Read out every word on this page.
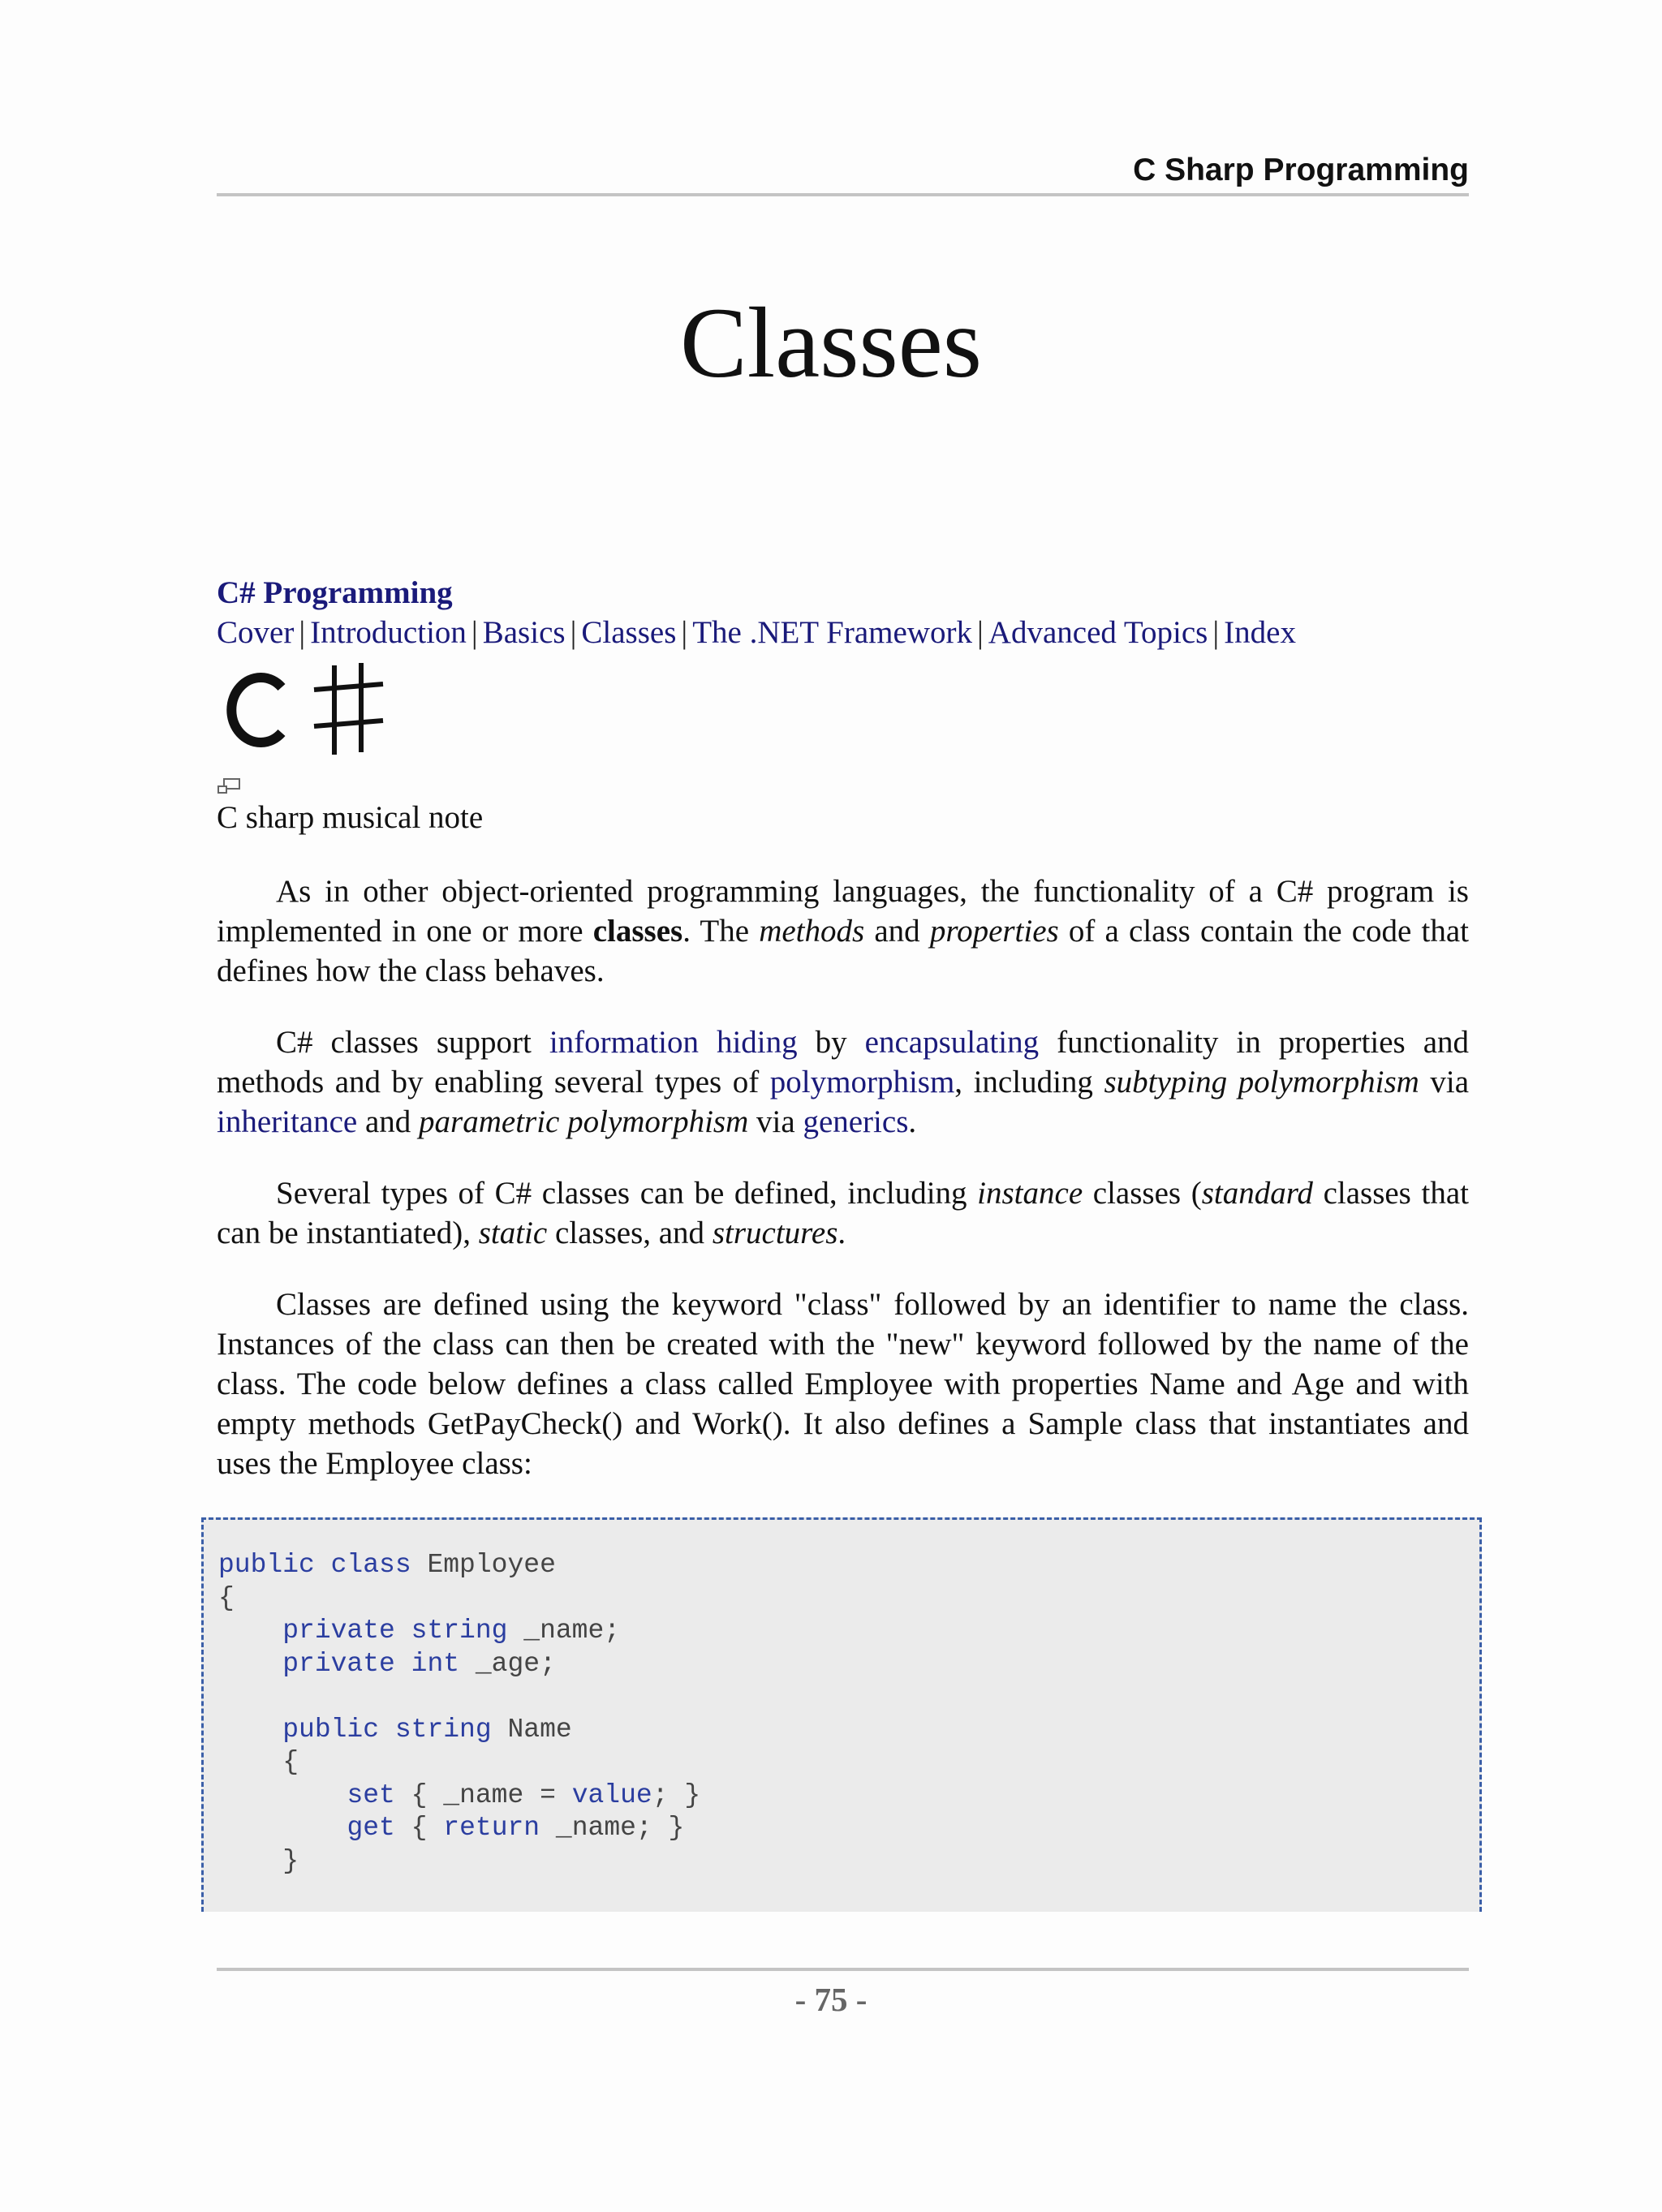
C Sharp Programming
Classes
C# Programming
Cover | Introduction | Basics | Classes | The .NET Framework | Advanced Topics | Index
C sharp musical note

As in other object-oriented programming languages, the functionality of a C# program is implemented in one or more classes. The methods and properties of a class contain the code that defines how the class behaves.

C# classes support information hiding by encapsulating functionality in properties and methods and by enabling several types of polymorphism, including subtyping polymorphism via inheritance and parametric polymorphism via generics.

Several types of C# classes can be defined, including instance classes (standard classes that can be instantiated), static classes, and structures.

Classes are defined using the keyword "class" followed by an identifier to name the class. Instances of the class can then be created with the "new" keyword followed by the name of the class. The code below defines a class called Employee with properties Name and Age and with empty methods GetPayCheck() and Work(). It also defines a Sample class that instantiates and uses the Employee class:

public class Employee
{
private string _name;
private int _age;

public string Name
{
set { _name = value; }
get { return _name; }
}
- 75 -
